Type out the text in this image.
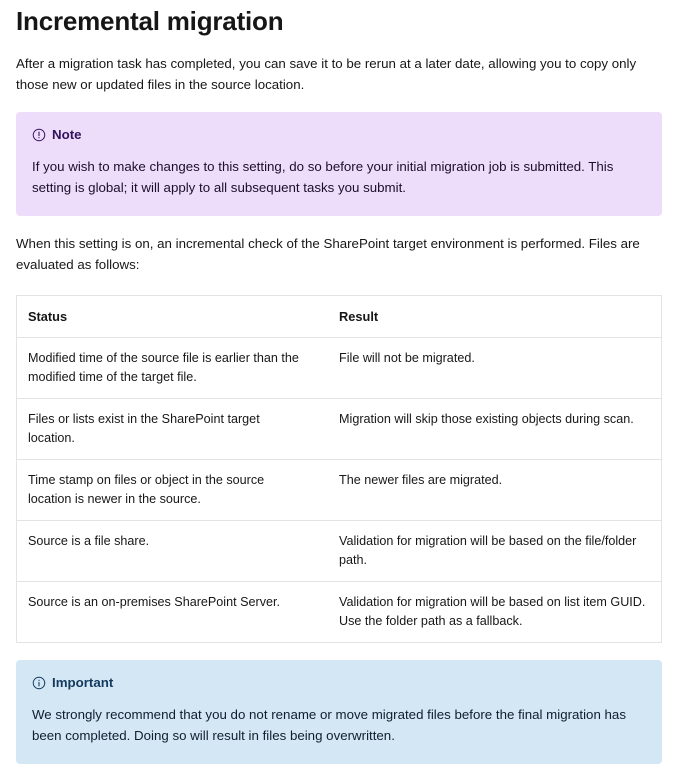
Incremental migration

After a migration task has completed, you can save it to be rerun at a later date, allowing you to copy only those new or updated files in the source location.

Note

If you wish to make changes to this setting, do so before your initial migration job is submitted. This setting is global; it will apply to all subsequent tasks you submit.

When this setting is on, an incremental check of the SharePoint target environment is performed. Files are evaluated as follows:

Status	Result
Modified time of the source file is earlier than the modified time of the target file.	File will not be migrated.
Files or lists exist in the SharePoint target location.	Migration will skip those existing objects during scan.
Time stamp on files or object in the source location is newer in the source.	The newer files are migrated.
Source is a file share.	Validation for migration will be based on the file/folder path.
Source is an on-premises SharePoint Server.	Validation for migration will be based on list item GUID. Use the folder path as a fallback.
Important

We strongly recommend that you do not rename or move migrated files before the final migration has been completed. Doing so will result in files being overwritten.
